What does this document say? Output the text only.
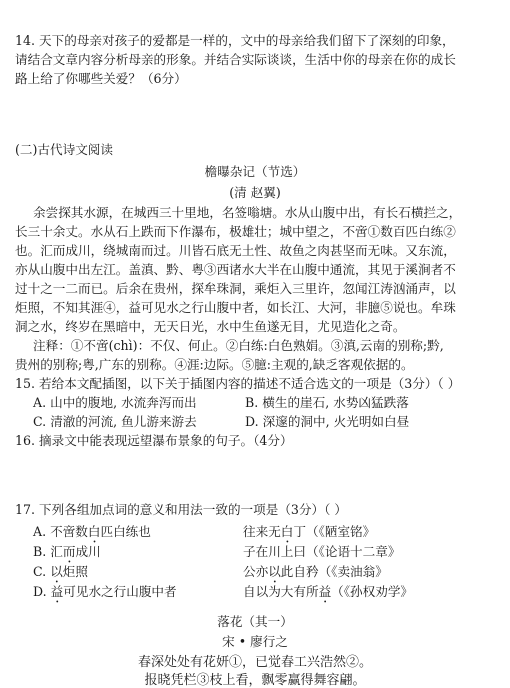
14. 天下的母亲对孩子的爱都是一样的，文中的母亲给我们留下了深刻的印象，
请结合文章内容分析母亲的形象。并结合实际谈谈，生活中你的母亲在你的成长
路上给了你哪些关爱？（6分）
(二)古代诗文阅读
檐曝杂记（节选）
(清 赵翼)
余尝探其水源，在城西三十里地，名签嗡塘。水从山腹中出，有长石横拦之，
长三十余丈。水从石上跌而下作瀑布，极雄壮；城中望之，不啻①数百匹白练②
也。汇而成川，绕城南而过。川皆石底无土性、故鱼之肉甚坚而无味。又东流，
亦从山腹中出左江。盖滇、黔、粤③西诸水大半在山腹中通流，其见于溪涧者不
过十之一二而已。后余在贵州，探牟珠洞，乘炬入三里许，忽闻江涛汹涌声，以
炬照，不知其涯④，益可见水之行山腹中者，如长江、大河，非臆⑤说也。牟珠
洞之水，终岁在黑暗中，无天日光，水中生鱼遂无目，尤见造化之奇。
注释：①不啻(chì)：不仅、何止。②白练:白色熟娟。③滇,云南的别称;黔,
贵州的别称;粤,广东的别称。④涯:边际。⑤臆:主观的,缺乏客观依据的。
15. 若给本文配插图，以下关于插图内容的描述不适合选文的一项是（3分）（ ）
A. 山中的腹地, 水流奔泻而出	B. 横生的崖石, 水势凶猛跌落
C. 清澈的河流, 鱼儿游来游去	D. 深邃的洞中, 火光明如白昼
16. 摘录文中能表现远望瀑布景象的句子。（4分）
17. 下列各组加点词的意义和用法一致的一项是（3分）（ ）
A. 不啻数白匹白练也	往来无白丁（《陋室铭》
B. 汇而成川	子在川上曰（《论语十二章》
C. 以炬照	公亦以此自矜（《卖油翁》
D. 益可见水之行山腹中者	自以为大有所益（《孙权劝学》
落花（其一）
宋 • 廖行之
春深处处有花妍①，已觉春工兴浩然②。
报晓凭栏③枝上看，飘零赢得舞容翩。
